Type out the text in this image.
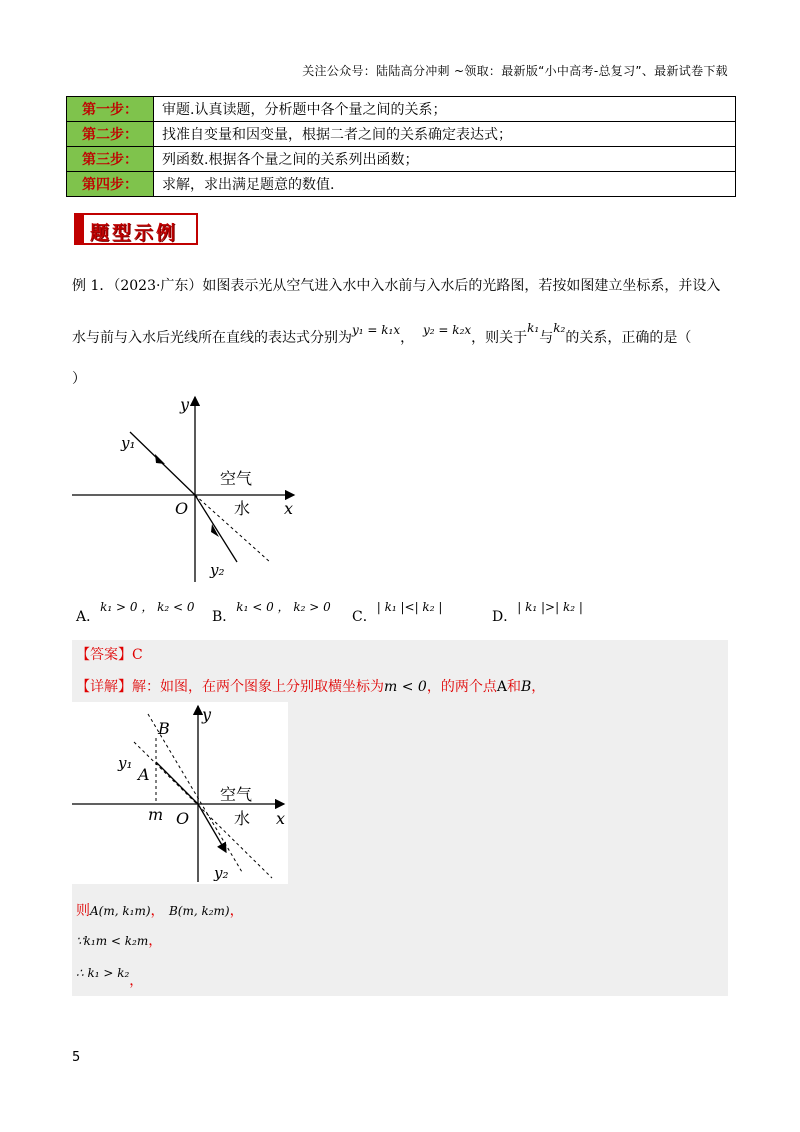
关注公众号：陆陆高分冲刺 ~领取：最新版“小中高考-总复习”、最新试卷下载
第一步：	审题.认真读题，分析题中各个量之间的关系；
第二步：	找准自变量和因变量，根据二者之间的关系确定表达式；
第三步：	列函数.根据各个量之间的关系列出函数；
第四步：	求解，求出满足题意的数值.
题型示例
例 1．（2023·广东）如图表示光从空气进入水中入水前与入水后的光路图，若按如图建立坐标系，并设入
水与前与入水后光线所在直线的表达式分别为y₁ = k₁x， y₂ = k₂x，则关于k₁与k₂的关系，正确的是（
）
y
x
O
y₁
y₂
空气
水
A．k₁ > 0 ， k₂ < 0
B．k₁ < 0 ， k₂ > 0
C．| k₁ |<| k₂ |
D．| k₁ |>| k₂ |
【答案】C
【详解】解：如图，在两个图象上分别取横坐标为m < 0，的两个点A和B，
y
x
O
m
A
B
y₁
y₂
空气
水
则A(m, k₁m)， B(m, k₂m)，
∵k₁m < k₂m，
∴ k₁ > k₂，
5
